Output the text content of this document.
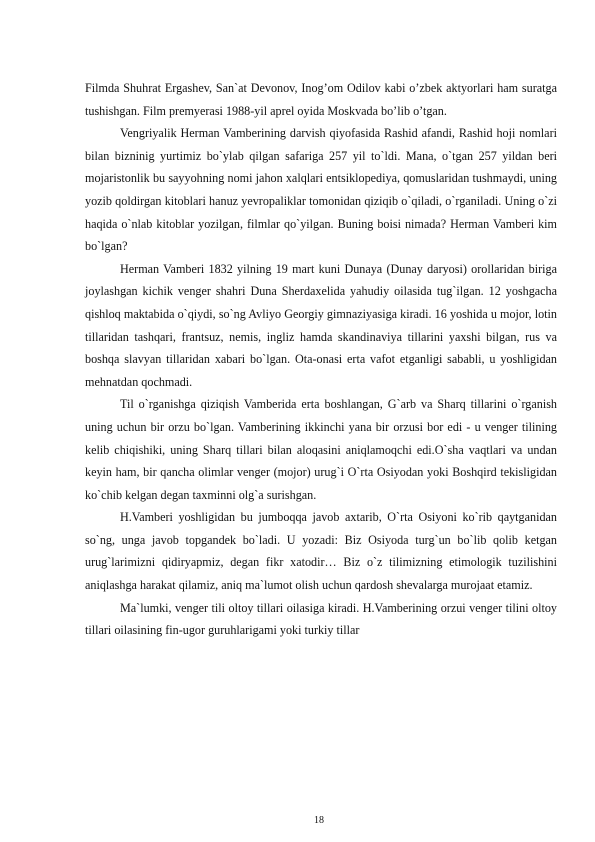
Filmda Shuhrat Ergashev, San`at Devonov, Inog’om Odilov kabi o’zbek aktyorlari ham suratga tushishgan. Film premyerasi 1988-yil aprel oyida Moskvada bo’lib o’tgan.

Vengriyalik Herman Vamberining darvish qiyofasida Rashid afandi, Rashid hoji nomlari bilan bizninig yurtimiz bo`ylab qilgan safariga 257 yil to`ldi. Mana, o`tgan 257 yildan beri mojaristonlik bu sayyohning nomi jahon xalqlari entsiklopediya, qomuslaridan tushmaydi, uning yozib qoldirgan kitoblari hanuz yevropaliklar tomonidan qiziqib o`qiladi, o`rganiladi. Uning o`zi haqida o`nlab kitoblar yozilgan, filmlar qo`yilgan. Buning boisi nimada? Herman Vamberi kim bo`lgan?

Herman Vamberi 1832 yilning 19 mart kuni Dunaya (Dunay daryosi) orollaridan biriga joylashgan kichik venger shahri Duna Sherdaxelida yahudiy oilasida tug`ilgan. 12 yoshgacha qishloq maktabida o`qiydi, so`ng Avliyo Georgiy gimnaziyasiga kiradi. 16 yoshida u mojor, lotin tillaridan tashqari, frantsuz, nemis, ingliz hamda skandinaviya tillarini yaxshi bilgan, rus va boshqa slavyan tillaridan xabari bo`lgan. Ota-onasi erta vafot etganligi sababli, u yoshligidan mehnatdan qochmadi.

Til o`rganishga qiziqish Vamberida erta boshlangan, G`arb va Sharq tillarini o`rganish uning uchun bir orzu bo`lgan. Vamberining ikkinchi yana bir orzusi bor edi - u venger tilining kelib chiqishiki, uning Sharq tillari bilan aloqasini aniqlamoqchi edi.O`sha vaqtlari va undan keyin ham, bir qancha olimlar venger (mojor) urug`i O`rta Osiyodan yoki Boshqird tekisligidan ko`chib kelgan degan taxminni olg`a surishgan.

H.Vamberi yoshligidan bu jumboqqa javob axtarib, O`rta Osiyoni ko`rib qaytganidan so`ng, unga javob topgandek bo`ladi. U yozadi: Biz Osiyoda turg`un bo`lib qolib ketgan urug`larimizni qidiryapmiz, degan fikr xatodir… Biz o`z tilimizning etimologik tuzilishini aniqlashga harakat qilamiz, aniq ma`lumot olish uchun qardosh shevalarga murojaat etamiz.

Ma`lumki, venger tili oltoy tillari oilasiga kiradi. H.Vamberining orzui venger tilini oltoy tillari oilasining fin-ugor guruhlarigami yoki turkiy tillar

18
